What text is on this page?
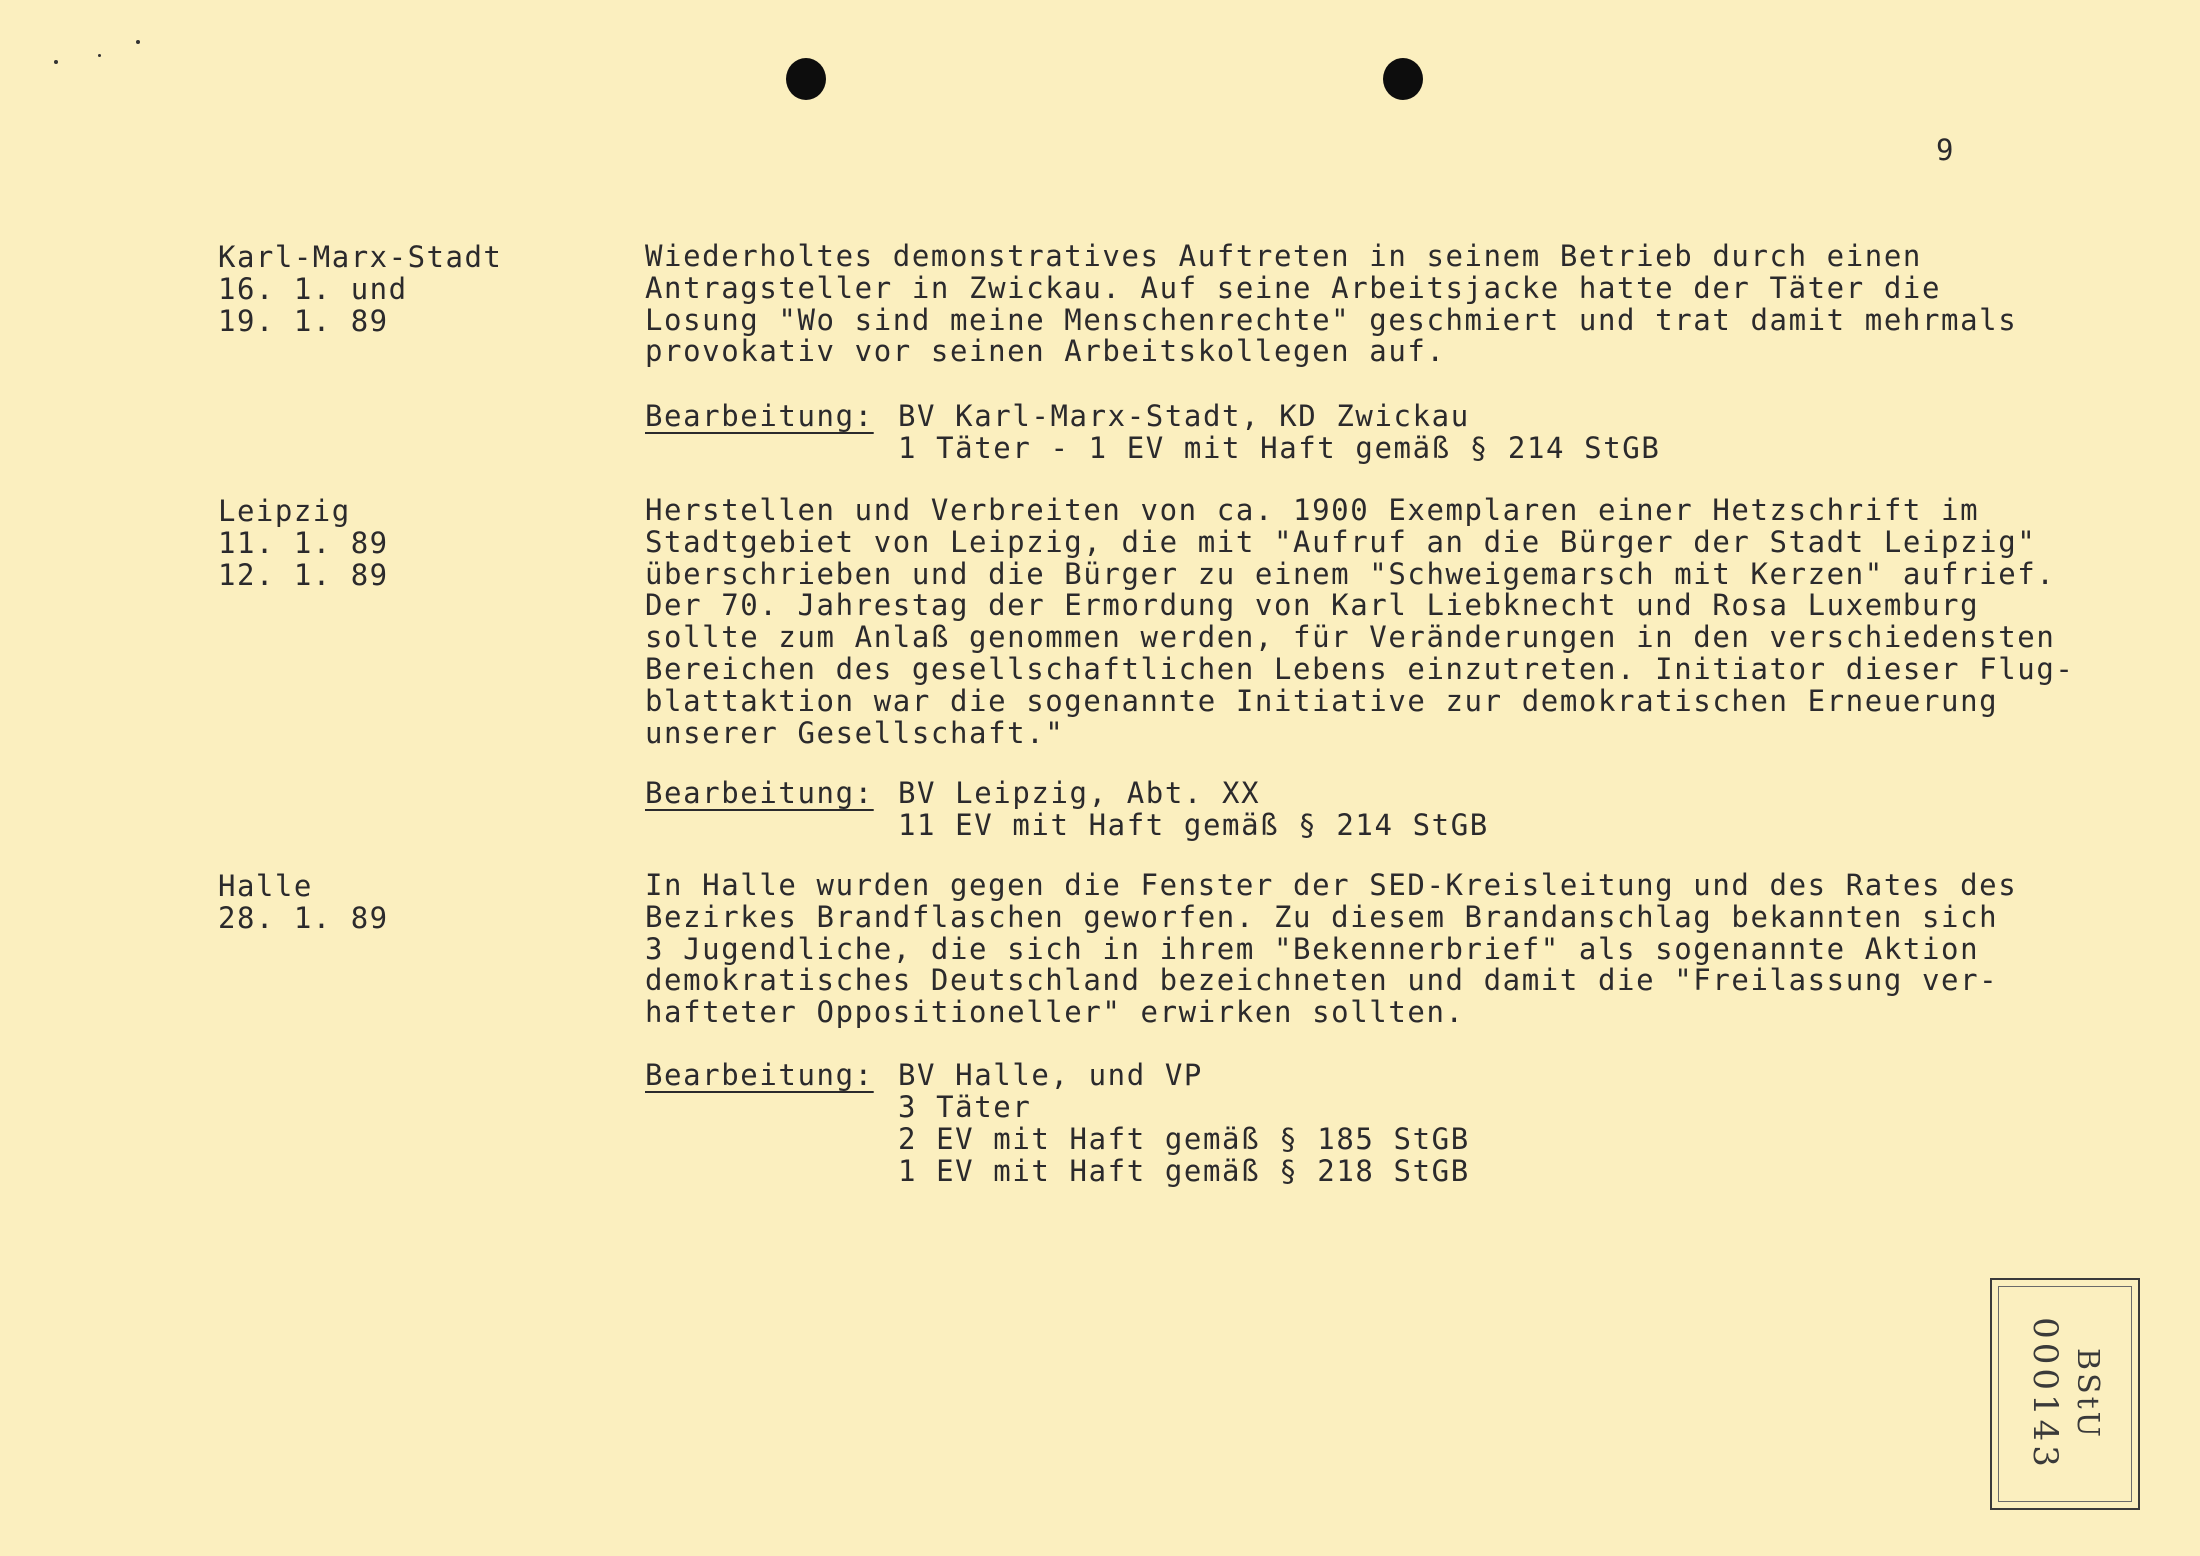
9
Karl-Marx-Stadt
16. 1. und
19. 1. 89
Wiederholtes demonstratives Auftreten in seinem Betrieb durch einen
Antragsteller in Zwickau. Auf seine Arbeitsjacke hatte der Täter die
Losung "Wo sind meine Menschenrechte" geschmiert und trat damit mehrmals
provokativ vor seinen Arbeitskollegen auf.
Bearbeitung: BV Karl-Marx-Stadt, KD Zwickau
1 Täter - 1 EV mit Haft gemäß § 214 StGB
Leipzig
11. 1. 89
12. 1. 89
Herstellen und Verbreiten von ca. 1900 Exemplaren einer Hetzschrift im
Stadtgebiet von Leipzig, die mit "Aufruf an die Bürger der Stadt Leipzig"
überschrieben und die Bürger zu einem "Schweigemarsch mit Kerzen" aufrief.
Der 70. Jahrestag der Ermordung von Karl Liebknecht und Rosa Luxemburg
sollte zum Anlaß genommen werden, für Veränderungen in den verschiedensten
Bereichen des gesellschaftlichen Lebens einzutreten. Initiator dieser Flug-
blattaktion war die sogenannte Initiative zur demokratischen Erneuerung
unserer Gesellschaft."
Bearbeitung: BV Leipzig, Abt. XX
11 EV mit Haft gemäß § 214 StGB
Halle
28. 1. 89
In Halle wurden gegen die Fenster der SED-Kreisleitung und des Rates des
Bezirkes Brandflaschen geworfen. Zu diesem Brandanschlag bekannten sich
3 Jugendliche, die sich in ihrem "Bekennerbrief" als sogenannte Aktion
demokratisches Deutschland bezeichneten und damit die "Freilassung ver-
hafteter Oppositioneller" erwirken sollten.
Bearbeitung: BV Halle, und VP
3 Täter
2 EV mit Haft gemäß § 185 StGB
1 EV mit Haft gemäß § 218 StGB
BStU
000143
